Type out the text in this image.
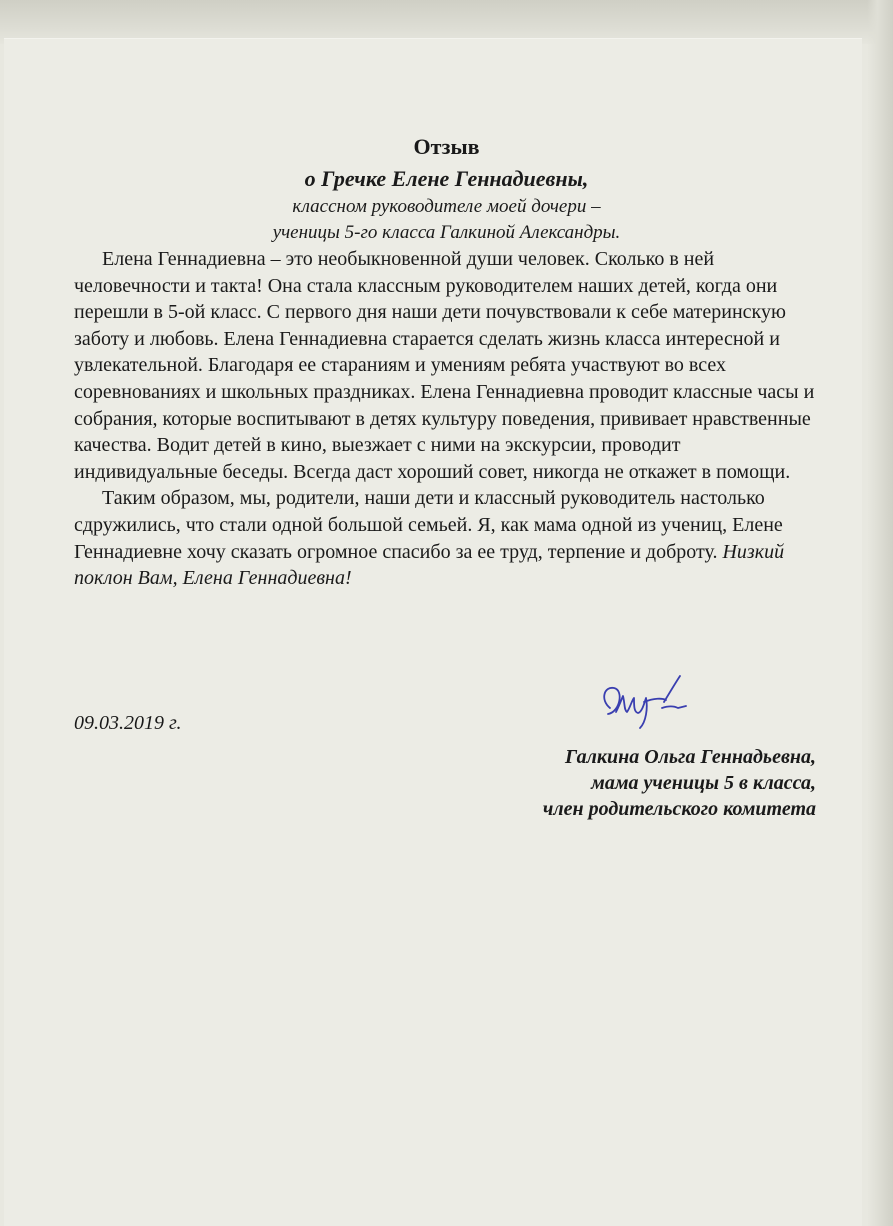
Отзыв
о Гречке Елене Геннадиевны,
классном руководителе моей дочери –
ученицы 5-го класса Галкиной Александры.

Елена Геннадиевна – это необыкновенной души человек. Сколько в ней человечности и такта! Она стала классным руководителем наших детей, когда они перешли в 5-ой класс. С первого дня наши дети почувствовали к себе материнскую заботу и любовь. Елена Геннадиевна старается сделать жизнь класса интересной и увлекательной. Благодаря ее стараниям и умениям ребята участвуют во всех соревнованиях и школьных праздниках. Елена Геннадиевна проводит классные часы и собрания, которые воспитывают в детях культуру поведения, прививает нравственные качества. Водит детей в кино, выезжает с ними на экскурсии, проводит индивидуальные беседы. Всегда даст хороший совет, никогда не откажет в помощи.

Таким образом, мы, родители, наши дети и классный руководитель настолько сдружились, что стали одной большой семьей. Я, как мама одной из учениц, Елене Геннадиевне хочу сказать огромное спасибо за ее труд, терпение и доброту. Низкий поклон Вам, Елена Геннадиевна!

09.03.2019 г.
Галкина Ольга Геннадьевна,
мама ученицы 5 в класса,
член родительского комитета
